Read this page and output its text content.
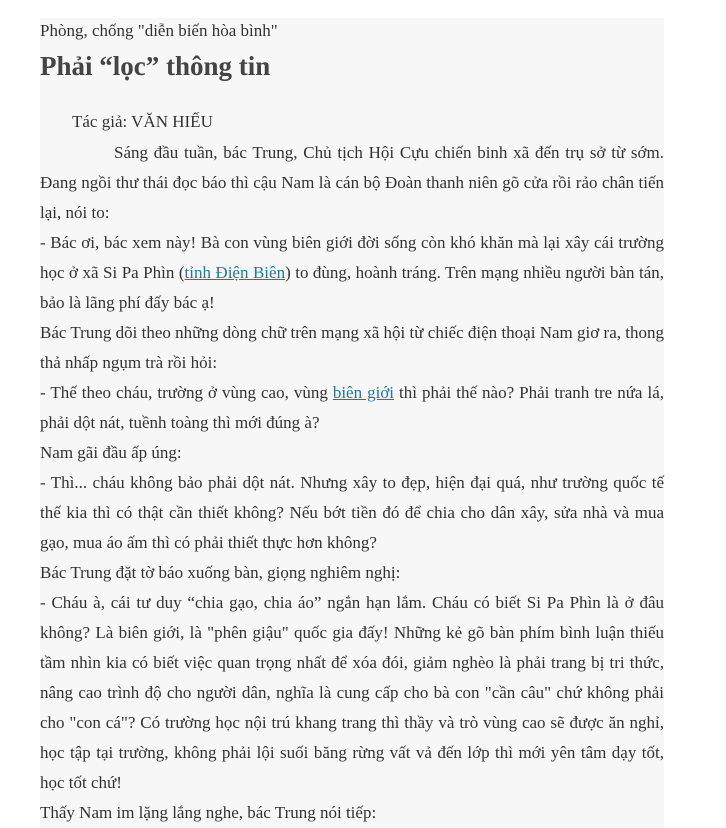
Phòng, chống "diễn biến hòa bình"
Phải “lọc” thông tin
Tác giả: VĂN HIẾU

Sáng đầu tuần, bác Trung, Chủ tịch Hội Cựu chiến binh xã đến trụ sở từ sớm. Đang ngồi thư thái đọc báo thì cậu Nam là cán bộ Đoàn thanh niên gõ cửa rồi rảo chân tiến lại, nói to:

- Bác ơi, bác xem này! Bà con vùng biên giới đời sống còn khó khăn mà lại xây cái trường học ở xã Si Pa Phìn (tỉnh Điện Biên) to đùng, hoành tráng. Trên mạng nhiều người bàn tán, bảo là lãng phí đấy bác ạ!

Bác Trung dõi theo những dòng chữ trên mạng xã hội từ chiếc điện thoại Nam giơ ra, thong thả nhấp ngụm trà rồi hỏi:

- Thế theo cháu, trường ở vùng cao, vùng biên giới thì phải thế nào? Phải tranh tre nứa lá, phải dột nát, tuềnh toàng thì mới đúng à?

Nam gãi đầu ấp úng:

- Thì... cháu không bảo phải dột nát. Nhưng xây to đẹp, hiện đại quá, như trường quốc tế thế kia thì có thật cần thiết không? Nếu bớt tiền đó để chia cho dân xây, sửa nhà và mua gạo, mua áo ấm thì có phải thiết thực hơn không?

Bác Trung đặt tờ báo xuống bàn, giọng nghiêm nghị:

- Cháu à, cái tư duy “chia gạo, chia áo” ngắn hạn lắm. Cháu có biết Si Pa Phìn là ở đâu không? Là biên giới, là "phên giậu" quốc gia đấy! Những kẻ gõ bàn phím bình luận thiếu tầm nhìn kia có biết việc quan trọng nhất để xóa đói, giảm nghèo là phải trang bị tri thức, nâng cao trình độ cho người dân, nghĩa là cung cấp cho bà con "cần câu" chứ không phải cho "con cá"? Có trường học nội trú khang trang thì thầy và trò vùng cao sẽ được ăn nghỉ, học tập tại trường, không phải lội suối băng rừng vất vả đến lớp thì mới yên tâm dạy tốt, học tốt chứ!

Thấy Nam im lặng lắng nghe, bác Trung nói tiếp:
